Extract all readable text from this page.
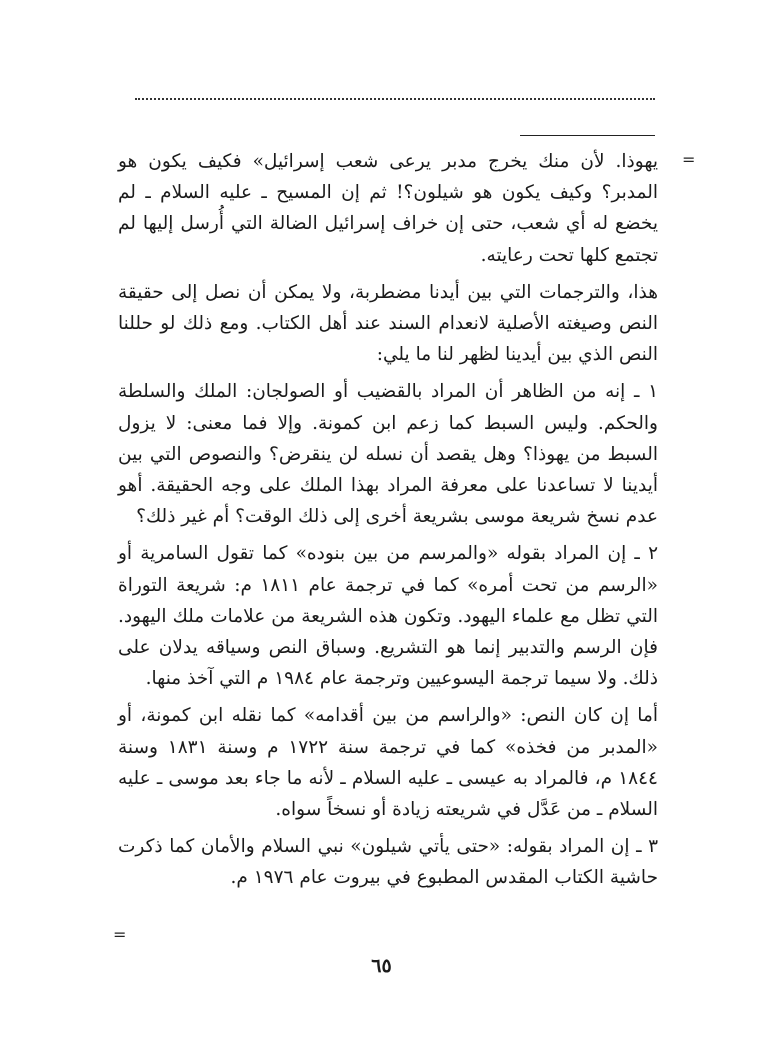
=

يهوذا. لأن منك يخرج مدبر يرعى شعب إسرائيل» فكيف يكون هو المدبر؟ وكيف يكون هو شيلون؟! ثم إن المسيح ـ عليه السلام ـ لم يخضع له أي شعب، حتى إن خراف إسرائيل الضالة التي أُرسل إليها لم تجتمع كلها تحت رعايته.

هذا، والترجمات التي بين أيدنا مضطربة، ولا يمكن أن نصل إلى حقيقة النص وصيغته الأصلية لانعدام السند عند أهل الكتاب. ومع ذلك لو حللنا النص الذي بين أيدينا لظهر لنا ما يلي:

١ ـ إنه من الظاهر أن المراد بالقضيب أو الصولجان: الملك والسلطة والحكم. وليس السبط كما زعم ابن كمونة. وإلا فما معنى: لا يزول السبط من يهوذا؟ وهل يقصد أن نسله لن ينقرض؟ والنصوص التي بين أيدينا لا تساعدنا على معرفة المراد بهذا الملك على وجه الحقيقة. أهو عدم نسخ شريعة موسى بشريعة أخرى إلى ذلك الوقت؟ أم غير ذلك؟

٢ ـ إن المراد بقوله «والمرسم من بين بنوده» كما تقول السامرية أو «الرسم من تحت أمره» كما في ترجمة عام ١٨١١ م: شريعة التوراة التي تظل مع علماء اليهود. وتكون هذه الشريعة من علامات ملك اليهود. فإن الرسم والتدبير إنما هو التشريع. وسباق النص وسياقه يدلان على ذلك. ولا سيما ترجمة اليسوعيين وترجمة عام ١٩٨٤ م التي آخذ منها.

أما إن كان النص: «والراسم من بين أقدامه» كما نقله ابن كمونة، أو «المدبر من فخذه» كما في ترجمة سنة ١٧٢٢ م وسنة ١٨٣١ وسنة ١٨٤٤ م، فالمراد به عيسى ـ عليه السلام ـ لأنه ما جاء بعد موسى ـ عليه السلام ـ من عَدَّل في شريعته زيادة أو نسخاً سواه.

٣ ـ إن المراد بقوله: «حتى يأتي شيلون» نبي السلام والأمان كما ذكرت حاشية الكتاب المقدس المطبوع في بيروت عام ١٩٧٦ م.

=
٦٥
